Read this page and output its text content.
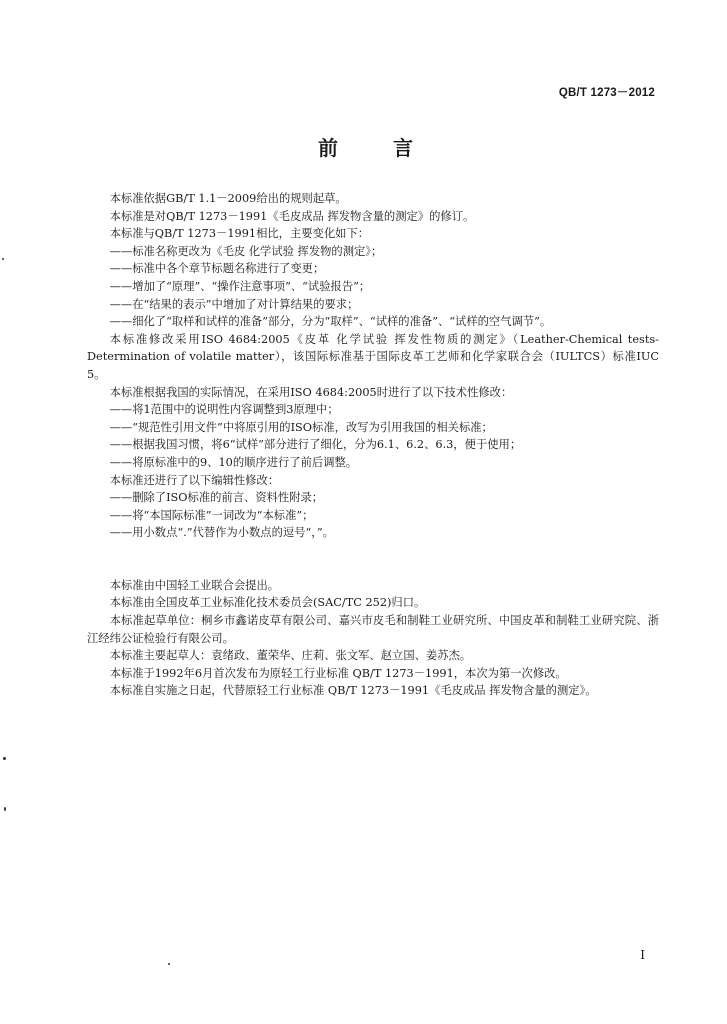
QB/T 1273－2012
前 言

本标准依据GB/T 1.1－2009给出的规则起草。

本标准是对QB/T 1273－1991《毛皮成品 挥发物含量的测定》的修订。

本标准与QB/T 1273－1991相比，主要变化如下：

——标准名称更改为《毛皮 化学试验 挥发物的测定》；

——标准中各个章节标题名称进行了变更；

——增加了“原理”、“操作注意事项”、“试验报告”；

——在“结果的表示”中增加了对计算结果的要求；

——细化了“取样和试样的准备”部分，分为“取样”、“试样的准备”、“试样的空气调节”。

本标准修改采用ISO 4684:2005《皮革 化学试验 挥发性物质的测定》（Leather-Chemical tests-Determination of volatile matter），该国际标准基于国际皮革工艺师和化学家联合会（IULTCS）标准IUC 5。

本标准根据我国的实际情况，在采用ISO 4684:2005时进行了以下技术性修改：

——将1范围中的说明性内容调整到3原理中；

——“规范性引用文件”中将原引用的ISO标准，改写为引用我国的相关标准；

——根据我国习惯，将6“试样”部分进行了细化，分为6.1、6.2、6.3，便于使用；

——将原标准中的9、10的顺序进行了前后调整。

本标准还进行了以下编辑性修改：

——删除了ISO标准的前言、资料性附录；

——将“本国际标准”一词改为“本标准”；

——用小数点“.”代替作为小数点的逗号“，”。

本标准由中国轻工业联合会提出。

本标准由全国皮革工业标准化技术委员会(SAC/TC 252)归口。

本标准起草单位：桐乡市鑫诺皮草有限公司、嘉兴市皮毛和制鞋工业研究所、中国皮革和制鞋工业研究院、浙江经纬公证检验行有限公司。

本标准主要起草人：袁绪政、董荣华、庄莉、张文军、赵立国、姜苏杰。

本标准于1992年6月首次发布为原轻工行业标准 QB/T 1273－1991，本次为第一次修改。

本标准自实施之日起，代替原轻工行业标准 QB/T 1273－1991《毛皮成品 挥发物含量的测定》。

I
